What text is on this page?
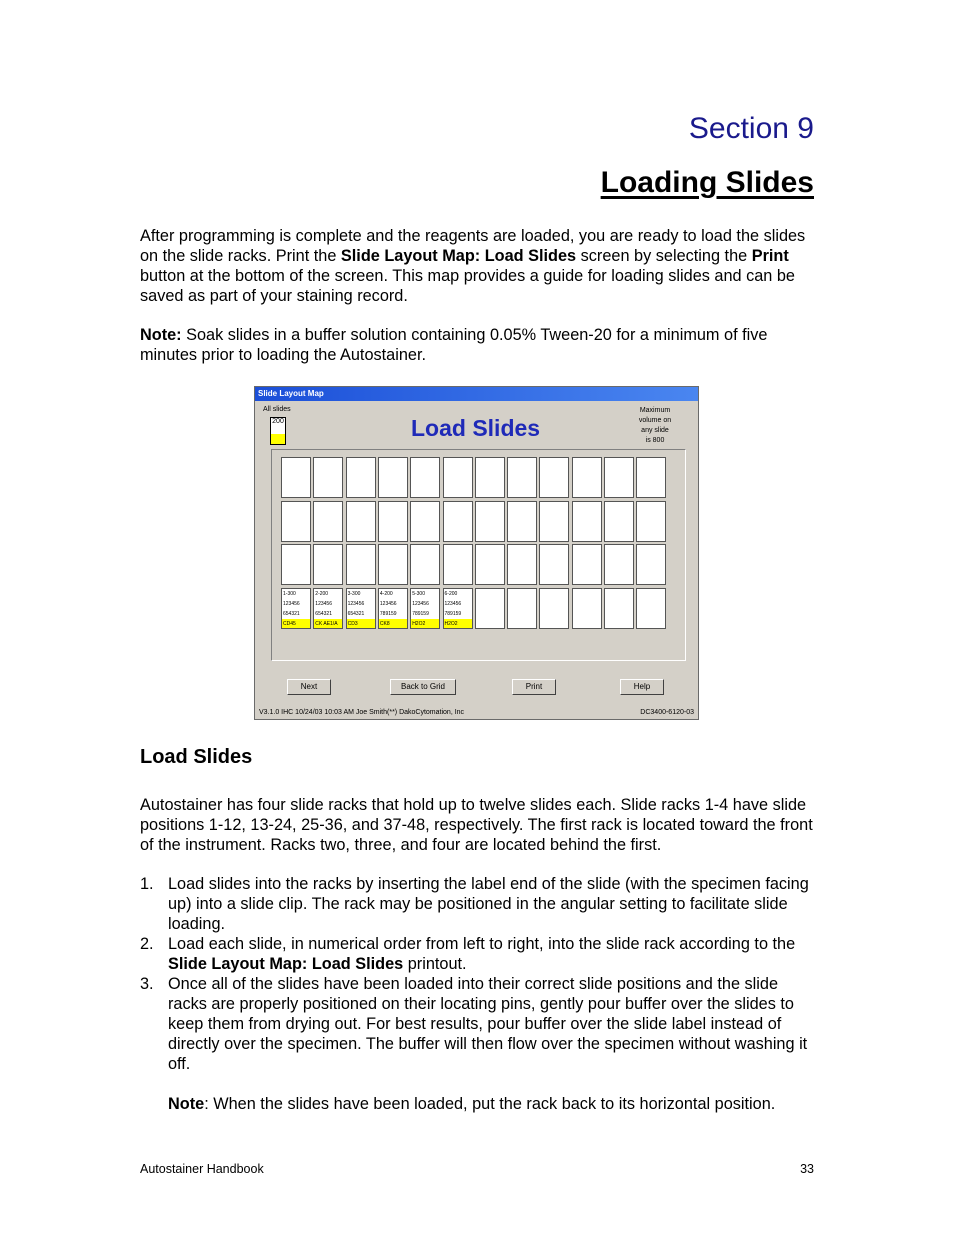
Section 9
Loading Slides

After programming is complete and the reagents are loaded, you are ready to load the slides on the slide racks. Print the Slide Layout Map: Load Slides screen by selecting the Print button at the bottom of the screen. This map provides a guide for loading slides and can be saved as part of your staining record.

Note: Soak slides in a buffer solution containing 0.05% Tween-20 for a minimum of five minutes prior to loading the Autostainer.

Slide Layout Map
All slides
200	Load Slides
Maximum
volume on
any slide
is 800
1-300
123456
654321
CD45
2-200
123456
654321
CK AE1/A
3-300
123456
654321
CD3
4-200
123456
789159
CK8
5-300
123456
789159
H2O2
6-200
123456
789159
H2O2
Next	Back to Grid	Print	Help
V3.1.0 IHC 10/24/03 10:03 AM Joe Smith(**) DakoCytomation, Inc	DC3400-6120-03
Load Slides

Autostainer has four slide racks that hold up to twelve slides each. Slide racks 1-4 have slide positions 1-12, 13-24, 25-36, and 37-48, respectively. The first rack is located toward the front of the instrument. Racks two, three, and four are located behind the first.

1. Load slides into the racks by inserting the label end of the slide (with the specimen facing up) into a slide clip. The rack may be positioned in the angular setting to facilitate slide loading.
2. Load each slide, in numerical order from left to right, into the slide rack according to the Slide Layout Map: Load Slides printout.
3. Once all of the slides have been loaded into their correct slide positions and the slide racks are properly positioned on their locating pins, gently pour buffer over the slides to keep them from drying out. For best results, pour buffer over the slide label instead of directly over the specimen. The buffer will then flow over the specimen without washing it off.
Note: When the slides have been loaded, put the rack back to its horizontal position.
Autostainer Handbook	33
